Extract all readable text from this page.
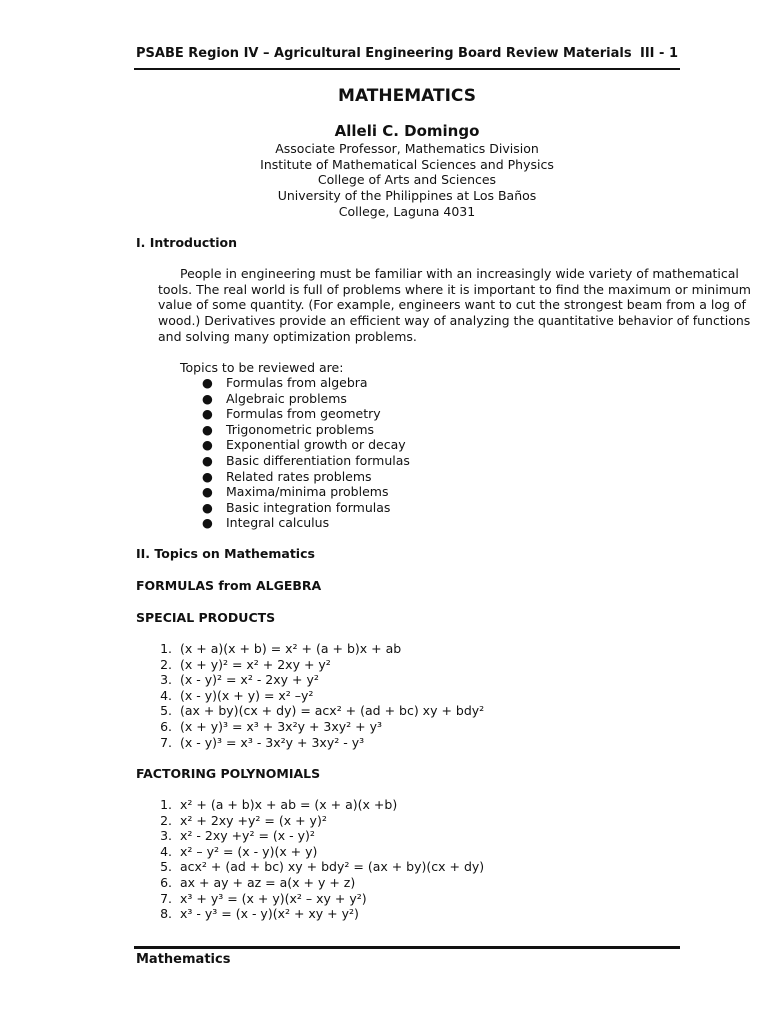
PSABE Region IV – Agricultural Engineering Board Review Materials III - 1
MATHEMATICS
Alleli C. Domingo
Associate Professor, Mathematics Division
Institute of Mathematical Sciences and Physics
College of Arts and Sciences
University of the Philippines at Los Baños
College, Laguna 4031
I. Introduction
People in engineering must be familiar with an increasingly wide variety of mathematical
tools. The real world is full of problems where it is important to find the maximum or minimum
value of some quantity. (For example, engineers want to cut the strongest beam from a log of
wood.) Derivatives provide an efficient way of analyzing the quantitative behavior of functions
and solving many optimization problems.
Topics to be reviewed are:
● Formulas from algebra
● Algebraic problems
● Formulas from geometry
● Trigonometric problems
● Exponential growth or decay
● Basic differentiation formulas
● Related rates problems
● Maxima/minima problems
● Basic integration formulas
● Integral calculus
II. Topics on Mathematics
FORMULAS from ALGEBRA
SPECIAL PRODUCTS
1. (x + a)(x + b) = x² + (a + b)x + ab
2. (x + y)² = x² + 2xy + y²
3. (x - y)² = x² - 2xy + y²
4. (x - y)(x + y) = x² –y²
5. (ax + by)(cx + dy) = acx² + (ad + bc) xy + bdy²
6. (x + y)³ = x³ + 3x²y + 3xy² + y³
7. (x - y)³ = x³ - 3x²y + 3xy² - y³
FACTORING POLYNOMIALS
1. x² + (a + b)x + ab = (x + a)(x +b)
2. x² + 2xy +y² = (x + y)²
3. x² - 2xy +y² = (x - y)²
4. x² – y² = (x - y)(x + y)
5. acx² + (ad + bc) xy + bdy² = (ax + by)(cx + dy)
6. ax + ay + az = a(x + y + z)
7. x³ + y³ = (x + y)(x² – xy + y²)
8. x³ - y³ = (x - y)(x² + xy + y²)
Mathematics
